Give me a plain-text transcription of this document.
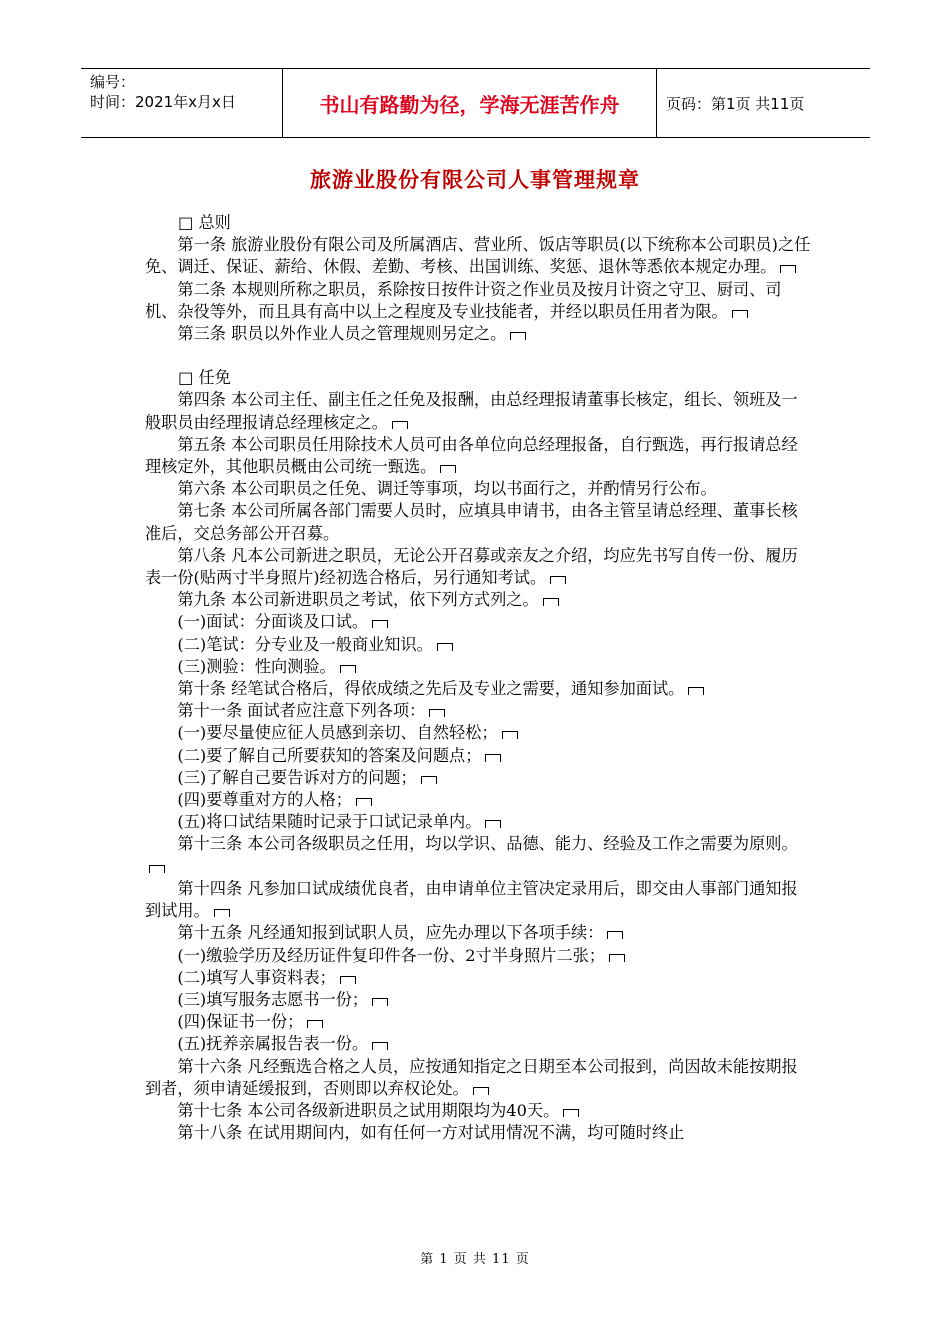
编号：
时间：2021年x月x日	书山有路勤为径，学海无涯苦作舟	页码：第1页 共11页
旅游业股份有限公司人事管理规章

□ 总则

第一条 旅游业股份有限公司及所属酒店、营业所、饭店等职员(以下统称本公司职员)之任免、调迁、保证、薪给、休假、差勤、考核、出国训练、奖惩、退休等悉依本规定办理。

第二条 本规则所称之职员，系除按日按件计资之作业员及按月计资之守卫、厨司、司机、杂役等外，而且具有高中以上之程度及专业技能者，并经以职员任用者为限。

第三条 职员以外作业人员之管理规则另定之。

□ 任免

第四条 本公司主任、副主任之任免及报酬，由总经理报请董事长核定，组长、领班及一般职员由经理报请总经理核定之。

第五条 本公司职员任用除技术人员可由各单位向总经理报备，自行甄选，再行报请总经理核定外，其他职员概由公司统一甄选。

第六条 本公司职员之任免、调迁等事项，均以书面行之，并酌情另行公布。

第七条 本公司所属各部门需要人员时，应填具申请书，由各主管呈请总经理、董事长核准后，交总务部公开召募。

第八条 凡本公司新进之职员，无论公开召募或亲友之介绍，均应先书写自传一份、履历表一份(贴两寸半身照片)经初选合格后，另行通知考试。

第九条 本公司新进职员之考试，依下列方式列之。

(一)面试：分面谈及口试。

(二)笔试：分专业及一般商业知识。

(三)测验：性向测验。

第十条 经笔试合格后，得依成绩之先后及专业之需要，通知参加面试。

第十一条 面试者应注意下列各项：

(一)要尽量使应征人员感到亲切、自然轻松；

(二)要了解自己所要获知的答案及问题点；

(三)了解自己要告诉对方的问题；

(四)要尊重对方的人格；

(五)将口试结果随时记录于口试记录单内。

第十三条 本公司各级职员之任用，均以学识、品德、能力、经验及工作之需要为原则。

第十四条 凡参加口试成绩优良者，由申请单位主管决定录用后，即交由人事部门通知报到试用。

第十五条 凡经通知报到试职人员，应先办理以下各项手续：

(一)缴验学历及经历证件复印件各一份、2寸半身照片二张；

(二)填写人事资料表；

(三)填写服务志愿书一份；

(四)保证书一份；

(五)抚养亲属报告表一份。

第十六条 凡经甄选合格之人员，应按通知指定之日期至本公司报到，尚因故未能按期报到者，须申请延缓报到，否则即以弃权论处。

第十七条 本公司各级新进职员之试用期限均为40天。

第十八条 在试用期间内，如有任何一方对试用情况不满，均可随时终止

第 1 页 共 11 页
